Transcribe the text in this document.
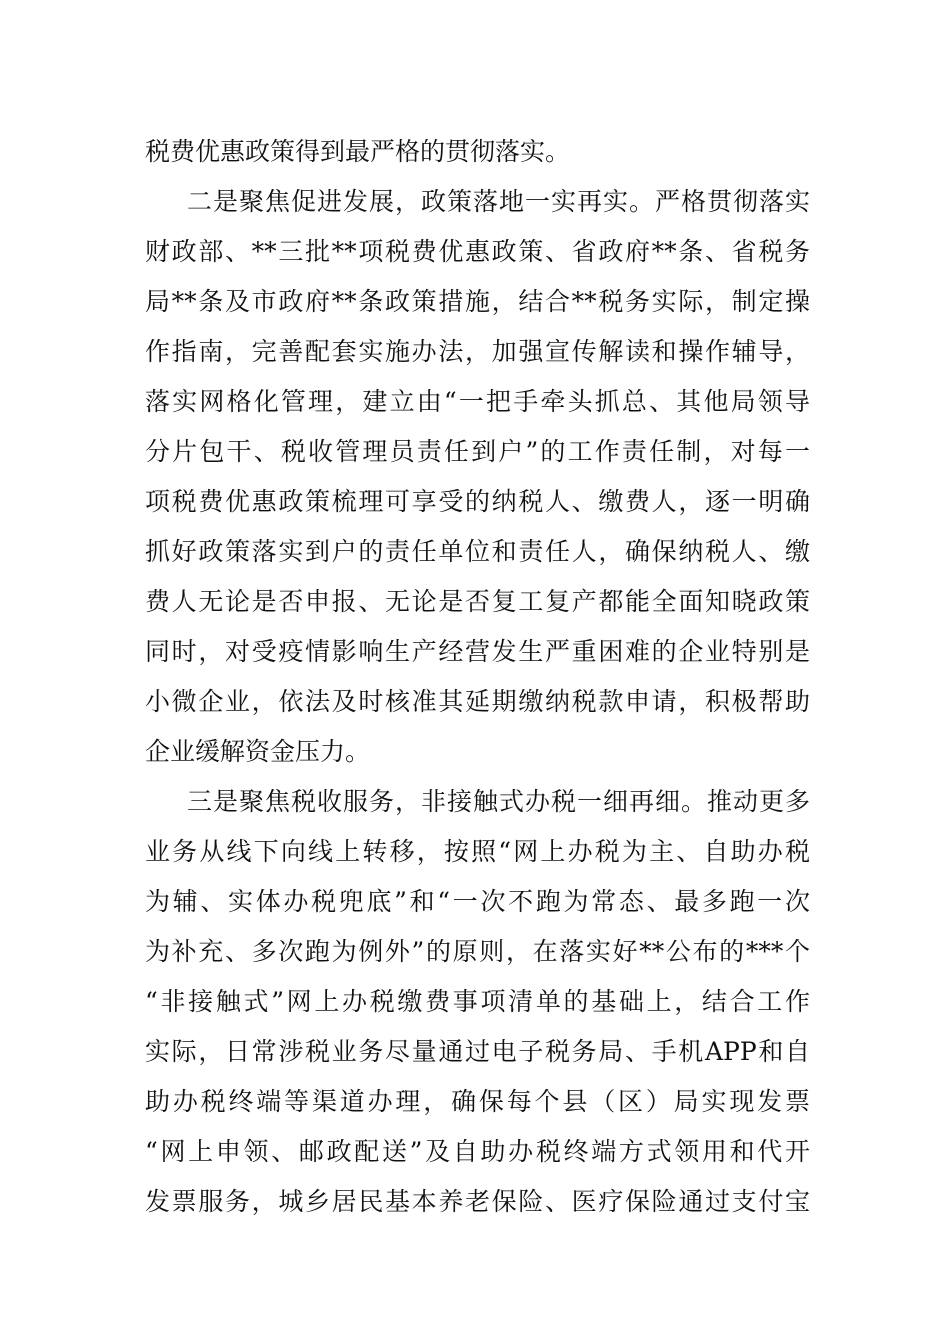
税费优惠政策得到最严格的贯彻落实。
二是聚焦促进发展，政策落地一实再实。严格贯彻落实
财政部、**三批**项税费优惠政策、省政府**条、省税务
局**条及市政府**条政策措施，结合**税务实际，制定操
作指南，完善配套实施办法，加强宣传解读和操作辅导，
落实网格化管理，建立由“一把手牵头抓总、其他局领导
分片包干、税收管理员责任到户”的工作责任制，对每一
项税费优惠政策梳理可享受的纳税人、缴费人，逐一明确
抓好政策落实到户的责任单位和责任人，确保纳税人、缴
费人无论是否申报、无论是否复工复产都能全面知晓政策
同时，对受疫情影响生产经营发生严重困难的企业特别是
小微企业，依法及时核准其延期缴纳税款申请，积极帮助
企业缓解资金压力。
三是聚焦税收服务，非接触式办税一细再细。推动更多
业务从线下向线上转移，按照“网上办税为主、自助办税
为辅、实体办税兜底”和“一次不跑为常态、最多跑一次
为补充、多次跑为例外”的原则，在落实好**公布的***个
“非接触式”网上办税缴费事项清单的基础上，结合工作
实际，日常涉税业务尽量通过电子税务局、手机APP和自
助办税终端等渠道办理，确保每个县（区）局实现发票
“网上申领、邮政配送”及自助办税终端方式领用和代开
发票服务，城乡居民基本养老保险、医疗保险通过支付宝
